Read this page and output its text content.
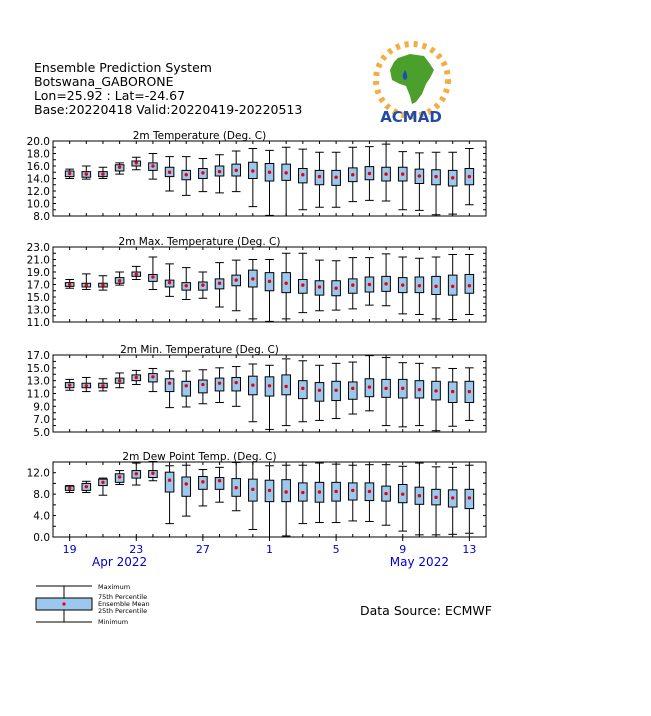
Ensemble Prediction System
Botswana_GABORONE
Lon=25.92 : Lat=-24.67
Base:20220418 Valid:20220419-20220513	ACMAD
2m Temperature (Deg. C)
8.0
10.0
12.0
14.0
16.0
18.0
20.0
2m Max. Temperature (Deg. C)
11.0
13.0
15.0
17.0
19.0
21.0
23.0
2m Min. Temperature (Deg. C)
5.0
7.0
9.0
11.0
13.0
15.0
17.0
2m Dew Point Temp. (Deg. C)
0.0
4.0
8.0
12.0
19	23	27	1	5	9	13
Apr 2022	May 2022
Maximum
75th Percentile
Ensemble Mean
25th Percentile
Minimum
Data Source: ECMWF
